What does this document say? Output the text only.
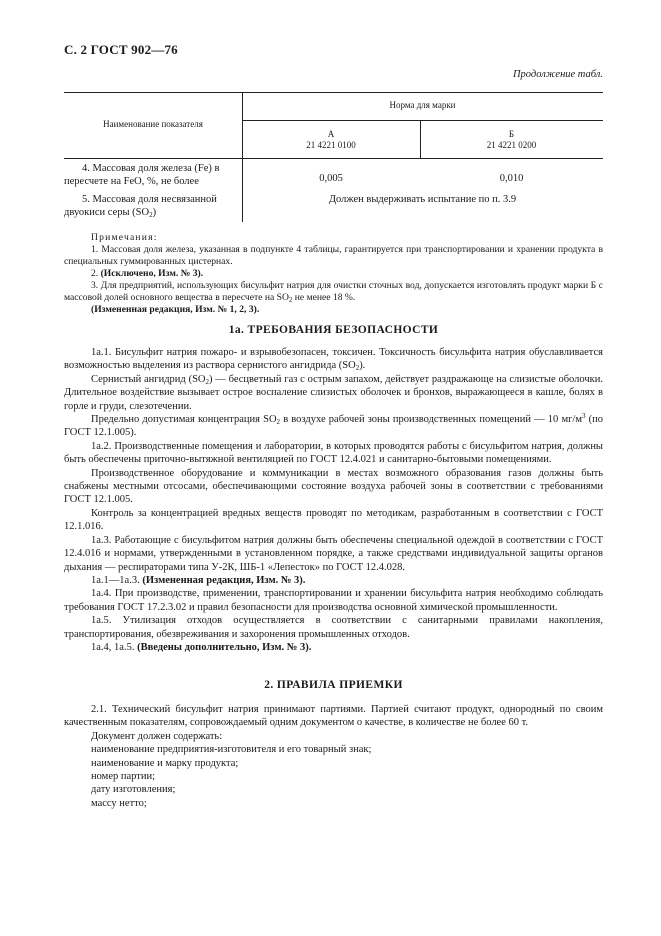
С. 2 ГОСТ 902—76
Продолжение табл.
Наименование показателя
Норма для марки
А
21 4221 0100
Б
21 4221 0200
4. Массовая доля железа (Fe) в
пересчете на FeO, %, не более	0,005	0,010
5. Массовая доля несвязанной
двуокиси серы $(SO_2)$
Должен выдерживать испытание по п. 3.9

Примечания:

1. Массовая доля железа, указанная в подпункте 4 таблицы, гарантируется при транспортировании и хранении продукта в специальных гуммированных цистернах.

2. (Исключено, Изм. № 3).

3. Для предприятий, использующих бисульфит натрия для очистки сточных вод, допускается изготовлять продукт марки Б с массовой долей основного вещества в пересчете на $SO_2$ не менее 18 %.

(Измененная редакция, Изм. № 1, 2, 3).

1а. ТРЕБОВАНИЯ БЕЗОПАСНОСТИ

1а.1. Бисульфит натрия пожаро- и взрывобезопасен, токсичен. Токсичность бисульфита натрия обуславливается возможностью выделения из раствора сернистого ангидрида $(SO_2)$.

Сернистый ангидрид $(SO_2)$ — бесцветный газ с острым запахом, действует раздражающе на слизистые оболочки. Длительное воздействие вызывает острое воспаление слизистых оболочек и бронхов, выражающееся в кашле, болях в горле и груди, слезотечении.

Предельно допустимая концентрация $SO_2$ в воздухе рабочей зоны производственных помещений — 10 $мг/м^3$ (по ГОСТ 12.1.005).

1а.2. Производственные помещения и лаборатории, в которых проводятся работы с бисульфитом натрия, должны быть обеспечены приточно-вытяжной вентиляцией по ГОСТ 12.4.021 и санитарно-бытовыми помещениями.

Производственное оборудование и коммуникации в местах возможного образования газов должны быть снабжены местными отсосами, обеспечивающими состояние воздуха рабочей зоны в соответствии с требованиями ГОСТ 12.1.005.

Контроль за концентрацией вредных веществ проводят по методикам, разработанным в соответствии с ГОСТ 12.1.016.

1а.3. Работающие с бисульфитом натрия должны быть обеспечены специальной одеждой в соответствии с ГОСТ 12.4.016 и нормами, утвержденными в установленном порядке, а также средствами индивидуальной защиты органов дыхания — респираторами типа У-2К, ШБ-1 «Лепесток» по ГОСТ 12.4.028.

1а.1—1а.3. (Измененная редакция, Изм. № 3).

1а.4. При производстве, применении, транспортировании и хранении бисульфита натрия необходимо соблюдать требования ГОСТ 17.2.3.02 и правил безопасности для производства основной химической промышленности.

1а.5. Утилизация отходов осуществляется в соответствии с санитарными правилами накопления, транспортирования, обезвреживания и захоронения промышленных отходов.

1а.4, 1а.5. (Введены дополнительно, Изм. № 3).

2. ПРАВИЛА ПРИЕМКИ

2.1. Технический бисульфит натрия принимают партиями. Партией считают продукт, однородный по своим качественным показателям, сопровождаемый одним документом о качестве, в количестве не более 60 т.

Документ должен содержать:

наименование предприятия-изготовителя и его товарный знак;

наименование и марку продукта;

номер партии;

дату изготовления;

массу нетто;
